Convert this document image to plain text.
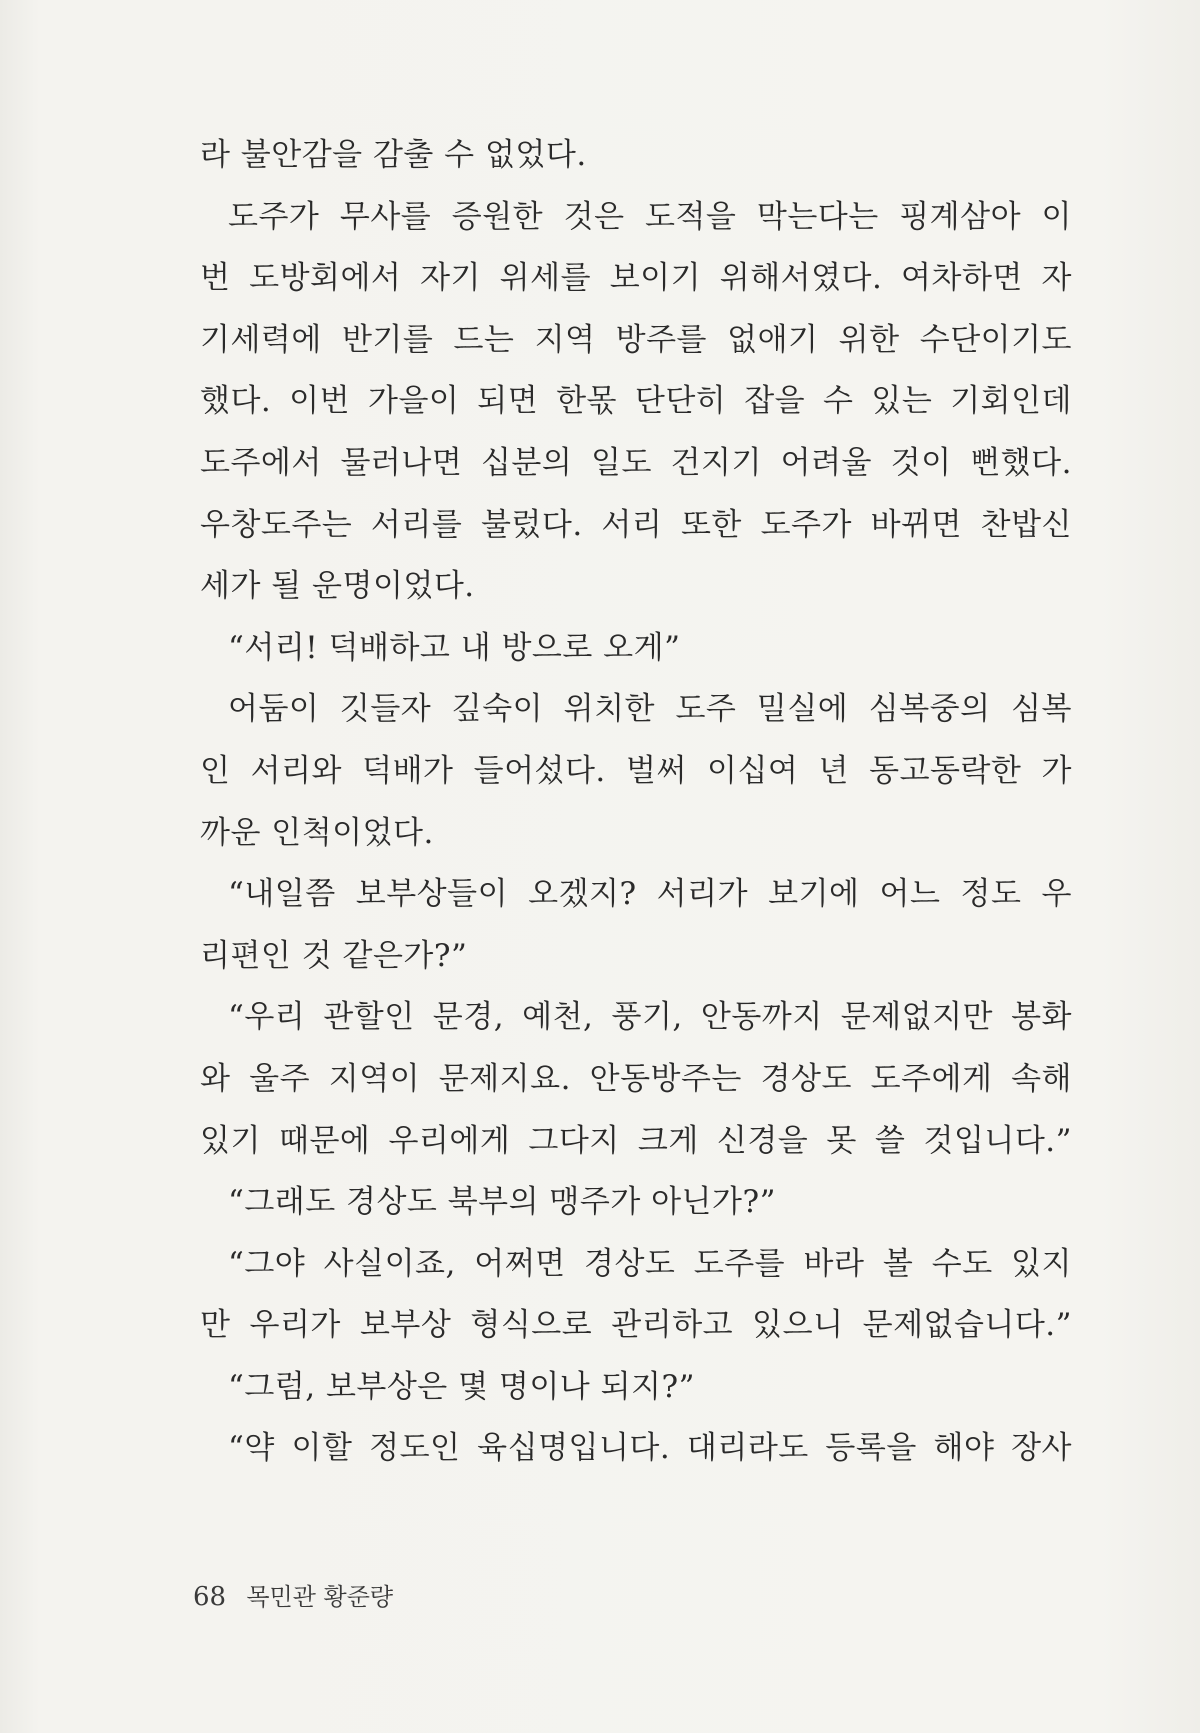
라 불안감을 감출 수 없었다.
도주가 무사를 증원한 것은 도적을 막는다는 핑계삼아 이
번 도방회에서 자기 위세를 보이기 위해서였다. 여차하면 자
기세력에 반기를 드는 지역 방주를 없애기 위한 수단이기도
했다. 이번 가을이 되면 한몫 단단히 잡을 수 있는 기회인데
도주에서 물러나면 십분의 일도 건지기 어려울 것이 뻔했다.
우창도주는 서리를 불렀다. 서리 또한 도주가 바뀌면 찬밥신
세가 될 운명이었다.
“서리! 덕배하고 내 방으로 오게”
어둠이 깃들자 깊숙이 위치한 도주 밀실에 심복중의 심복
인 서리와 덕배가 들어섰다. 벌써 이십여 년 동고동락한 가
까운 인척이었다.
“내일쯤 보부상들이 오겠지? 서리가 보기에 어느 정도 우
리편인 것 같은가?”
“우리 관할인 문경, 예천, 풍기, 안동까지 문제없지만 봉화
와 울주 지역이 문제지요. 안동방주는 경상도 도주에게 속해
있기 때문에 우리에게 그다지 크게 신경을 못 쓸 것입니다.”
“그래도 경상도 북부의 맹주가 아닌가?”
“그야 사실이죠, 어쩌면 경상도 도주를 바라 볼 수도 있지
만 우리가 보부상 형식으로 관리하고 있으니 문제없습니다.”
“그럼, 보부상은 몇 명이나 되지?”
“약 이할 정도인 육십명입니다. 대리라도 등록을 해야 장사
68 목민관 황준량
